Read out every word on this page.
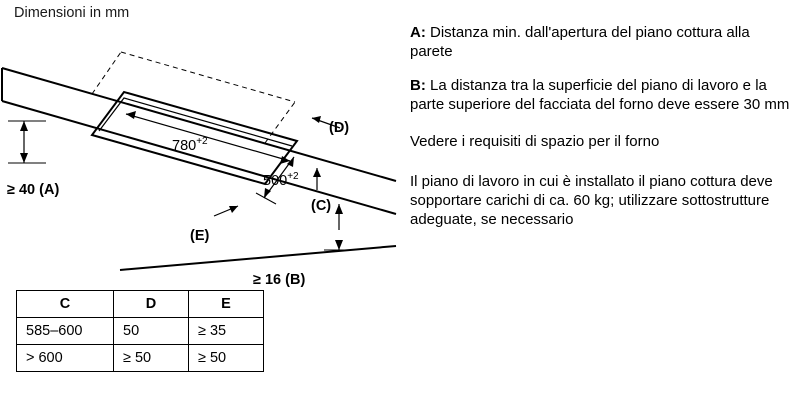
Dimensioni in mm
$780^{+2}$
$500^{+2}$
≥ 40 (A)
≥ 16 (B)
(C)
(D)
(E)
C	D	E
585–600	50	≥ 35
> 600	≥ 50	≥ 50
A: Distanza min. dall'apertura del piano cottura alla parete
B: La distanza tra la superficie del piano di lavoro e la parte superiore del facciata del forno deve essere 30 mm
Vedere i requisiti di spazio per il forno

Il piano di lavoro in cui è installato il piano cottura deve sopportare carichi di ca. 60 kg; utilizzare sottostrutture adeguate, se necessario
